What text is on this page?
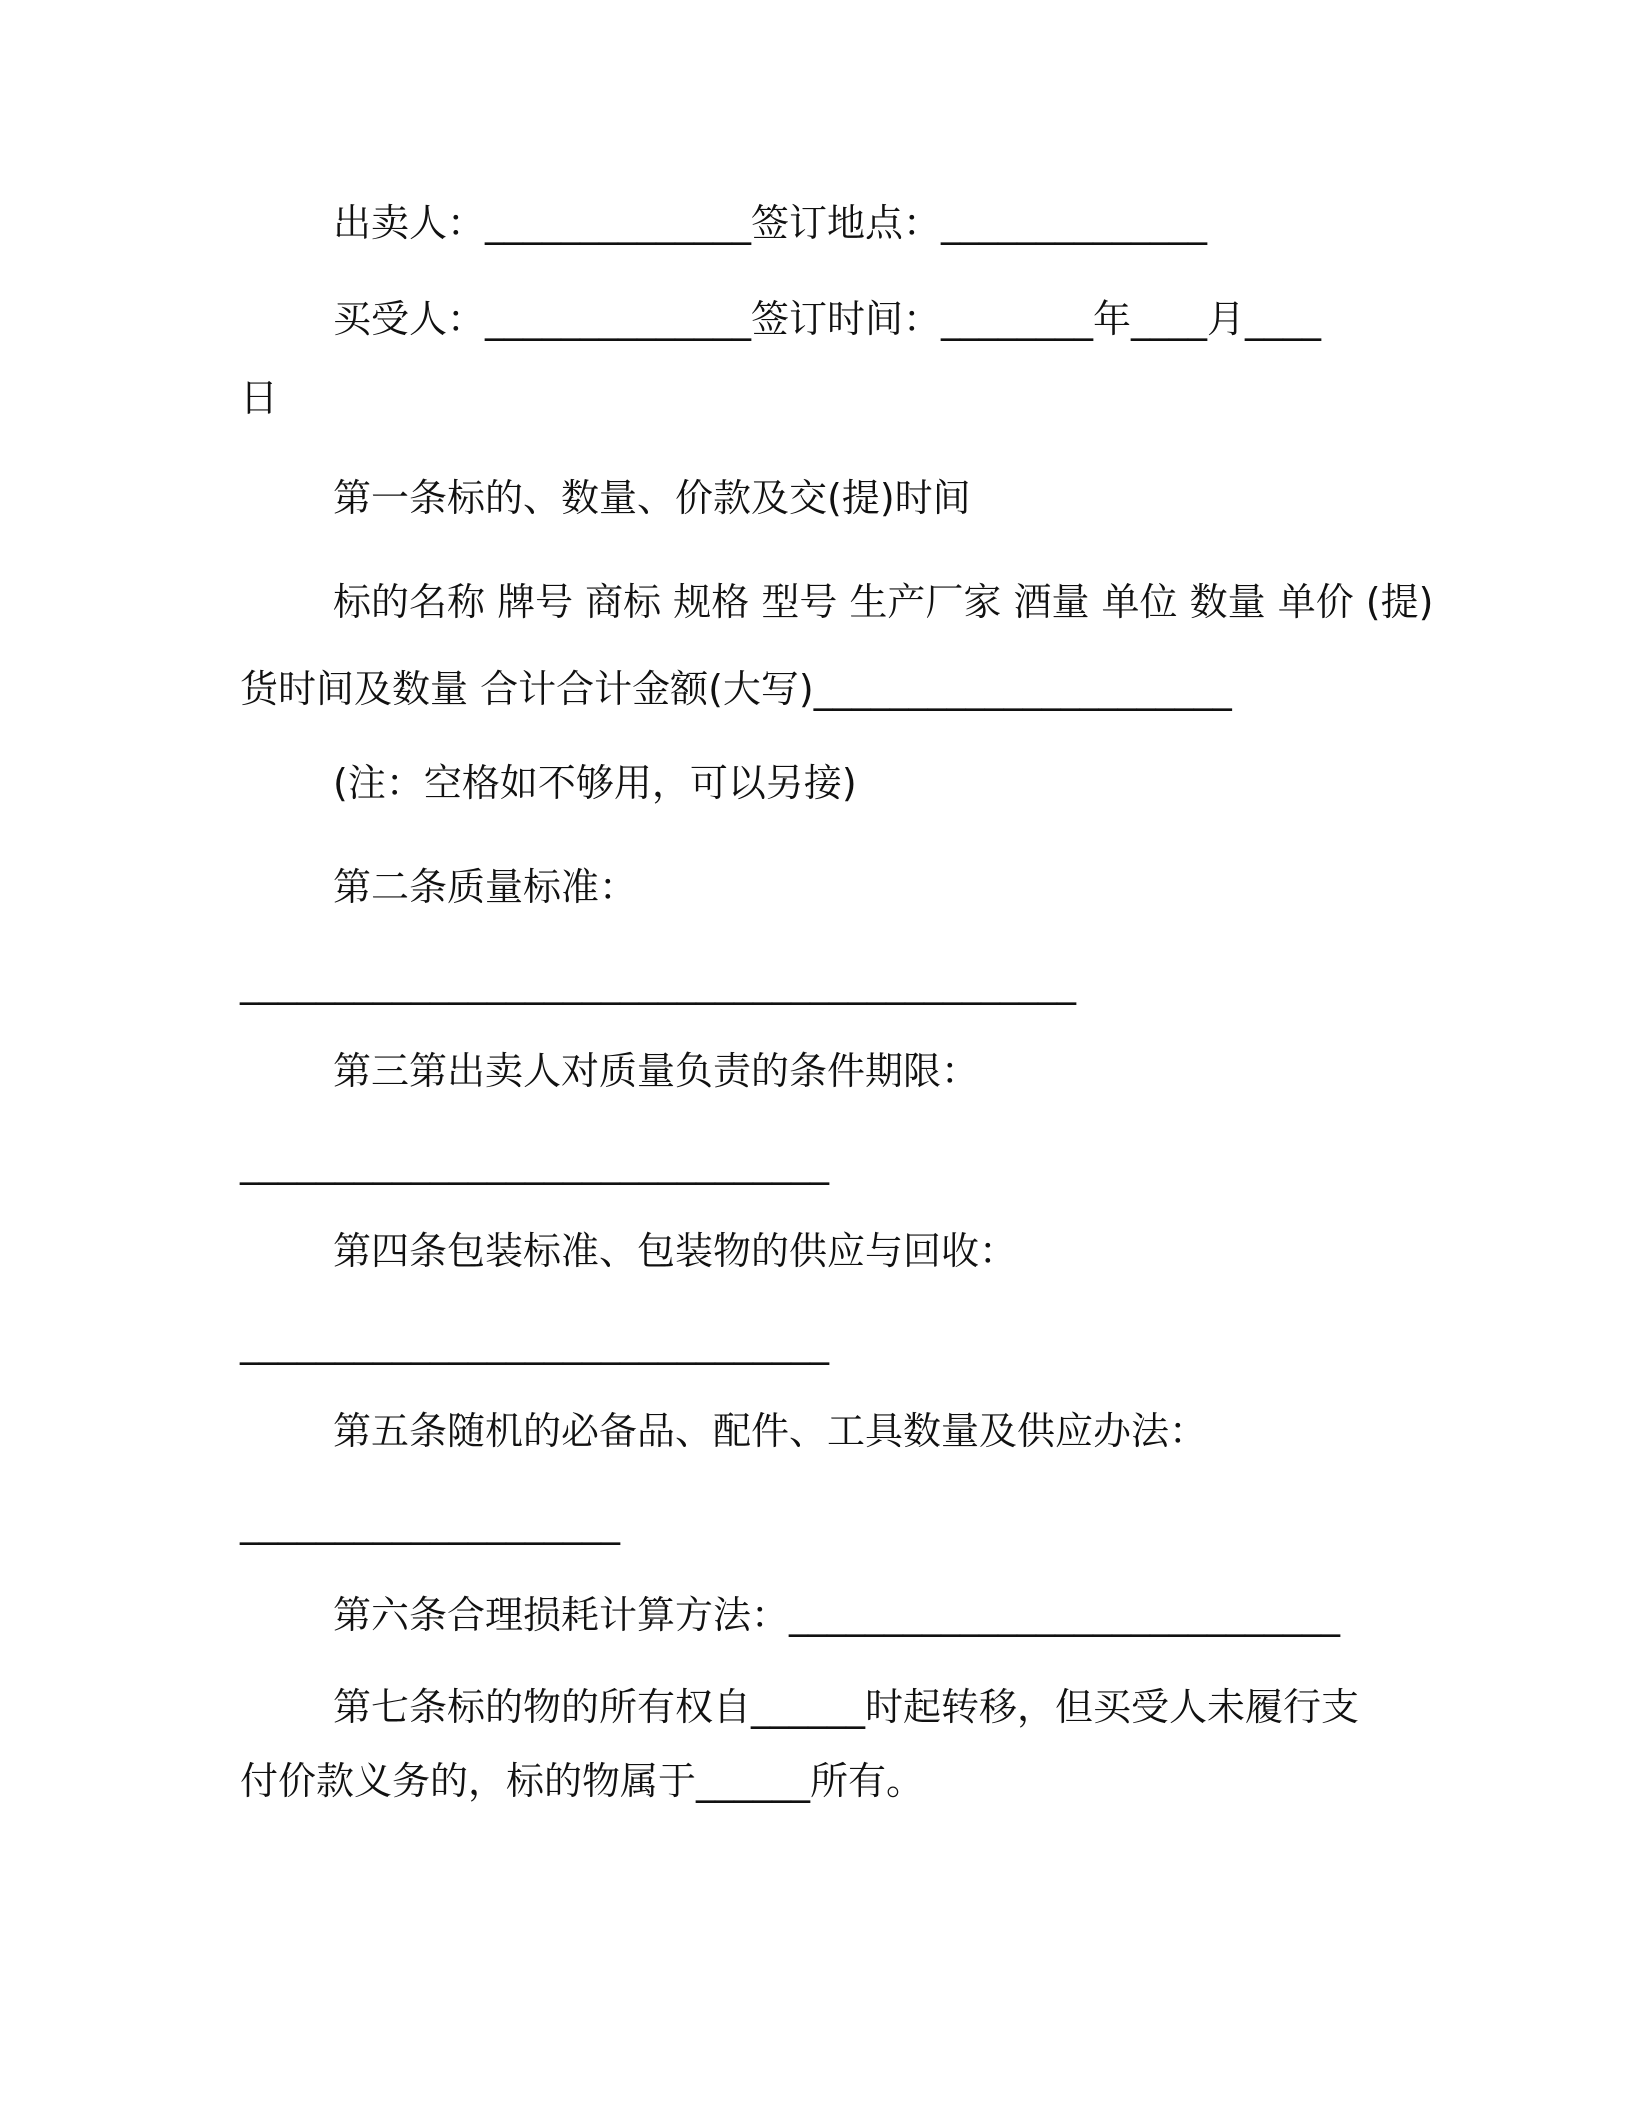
出卖人：______________签订地点：______________
买受人：______________签订时间：________年____月____
日
第一条标的、数量、价款及交(提)时间
标的名称 牌号 商标 规格 型号 生产厂家 酒量 单位 数量 单价 (提)
货时间及数量 合计合计金额(大写)______________________
(注：空格如不够用，可以另接)
第二条质量标准：
____________________________________________
第三第出卖人对质量负责的条件期限：
_______________________________
第四条包装标准、包装物的供应与回收：
_______________________________
第五条随机的必备品、配件、工具数量及供应办法：
____________________
第六条合理损耗计算方法：_____________________________
第七条标的物的所有权自______时起转移，但买受人未履行支
付价款义务的，标的物属于______所有。
